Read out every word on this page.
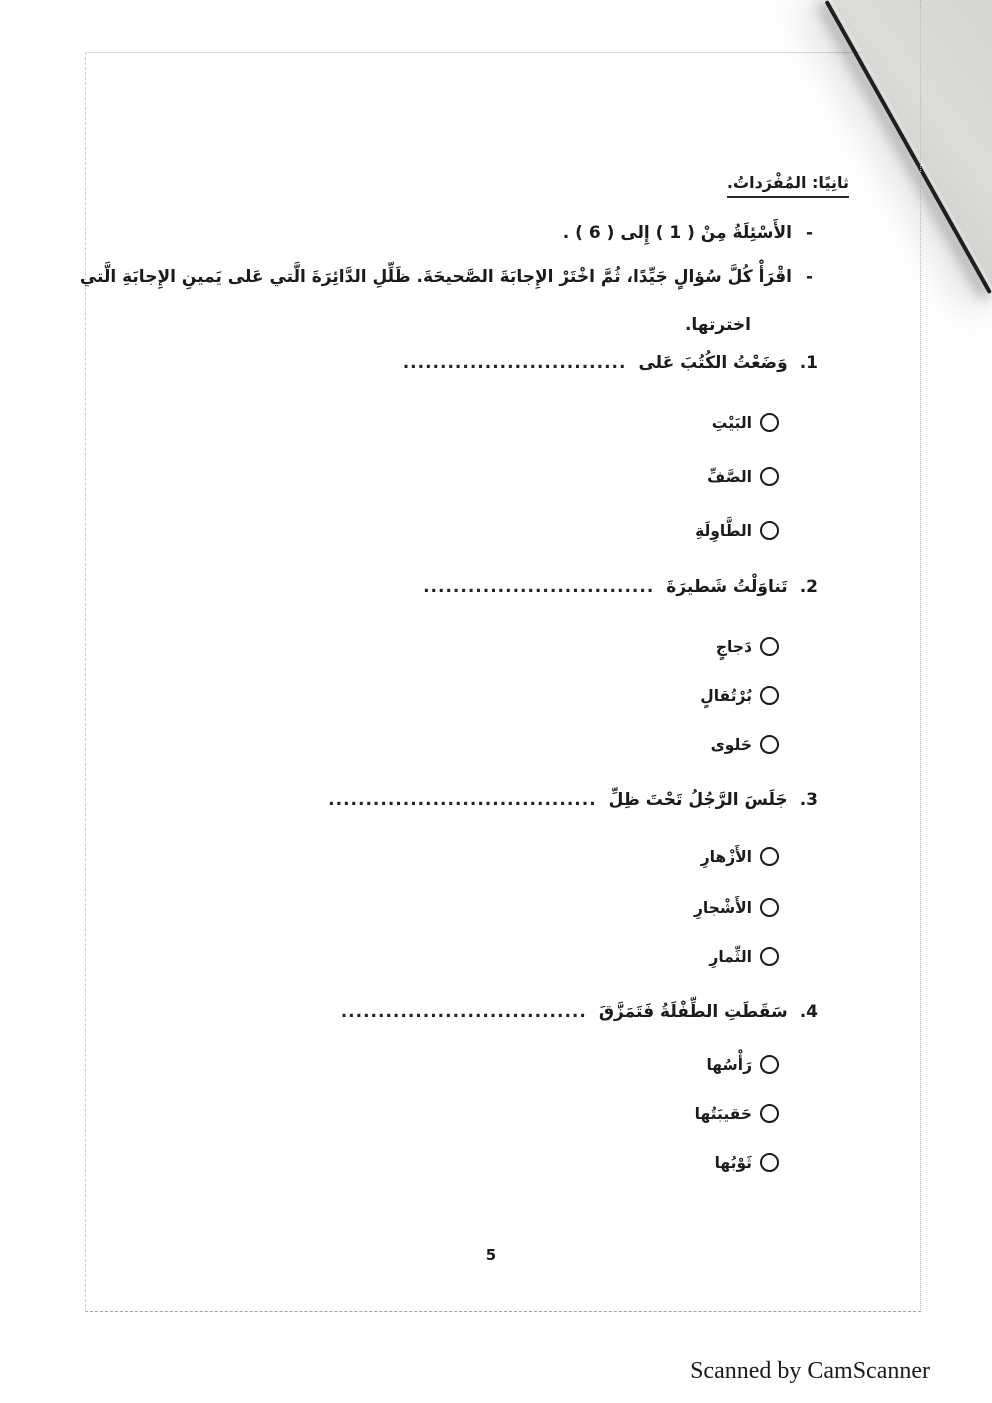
ثانِيًا: المُفْرَداتُ.
-
الأَسْئِلَةُ مِنْ ( 1 ) إِلى ( 6 ) .
-
اقْرَأْ كُلَّ سُؤالٍ جَيِّدًا، ثُمَّ اخْتَرْ الإِجابَةَ الصَّحيحَةَ. ظَلِّلِ الدَّائِرَةَ الَّتي عَلى يَمينِ الإِجابَةِ الَّتي
اخترتها.
1.
وَضَعْتُ الكُتُبَ عَلى
..............................
البَيْتِ
الصَّفِّ
الطَّاوِلَةِ
2.
تَناوَلْتُ شَطيرَةَ
...............................
دَجاجٍ
بُرْتُقالٍ
حَلوى
3.
جَلَسَ الرَّجُلُ تَحْتَ ظِلِّ
....................................
الأَزْهارِ
الأَشْجارِ
الثِّمارِ
4.
سَقَطَتِ الطِّفْلَةُ فَتَمَزَّقَ
.................................
رَأْسُها
حَقيبَتُها
ثَوْبُها
5
Scanned by CamScanner
